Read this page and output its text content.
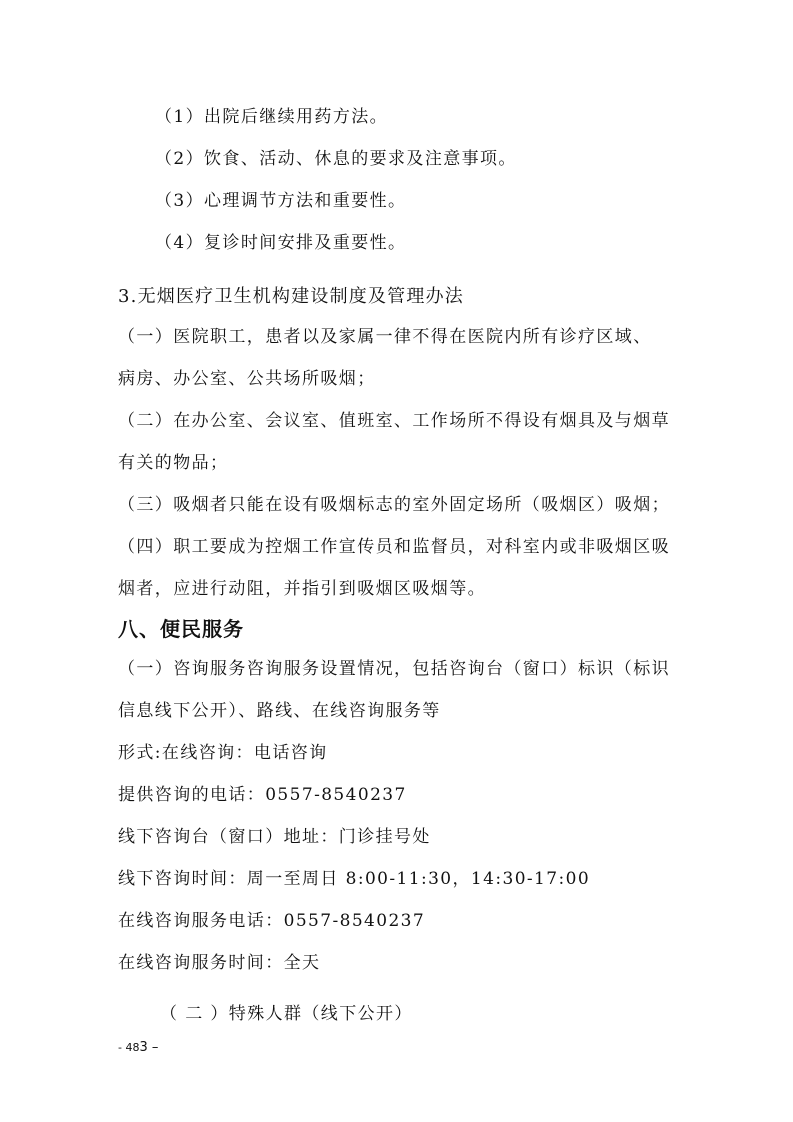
（1）出院后继续用药方法。
（2）饮食、活动、休息的要求及注意事项。
（3）心理调节方法和重要性。
（4）复诊时间安排及重要性。
3.无烟医疗卫生机构建设制度及管理办法
（一）医院职工，患者以及家属一律不得在医院内所有诊疗区域、
病房、办公室、公共场所吸烟；
（二）在办公室、会议室、值班室、工作场所不得设有烟具及与烟草
有关的物品；
（三）吸烟者只能在设有吸烟标志的室外固定场所（吸烟区）吸烟；
（四）职工要成为控烟工作宣传员和监督员，对科室内或非吸烟区吸
烟者，应进行动阻，并指引到吸烟区吸烟等。
八、便民服务
（一）咨询服务咨询服务设置情况，包括咨询台（窗口）标识（标识
信息线下公开）、路线、在线咨询服务等
形式:在线咨询：电话咨询
提供咨询的电话：0557-8540237
线下咨询台（窗口）地址：门诊挂号处
线下咨询时间：周一至周日 8:00-11:30，14:30-17:00
在线咨询服务电话：0557-8540237
在线咨询服务时间：全天
（ 二 ）特殊人群（线下公开）
- 483 –
